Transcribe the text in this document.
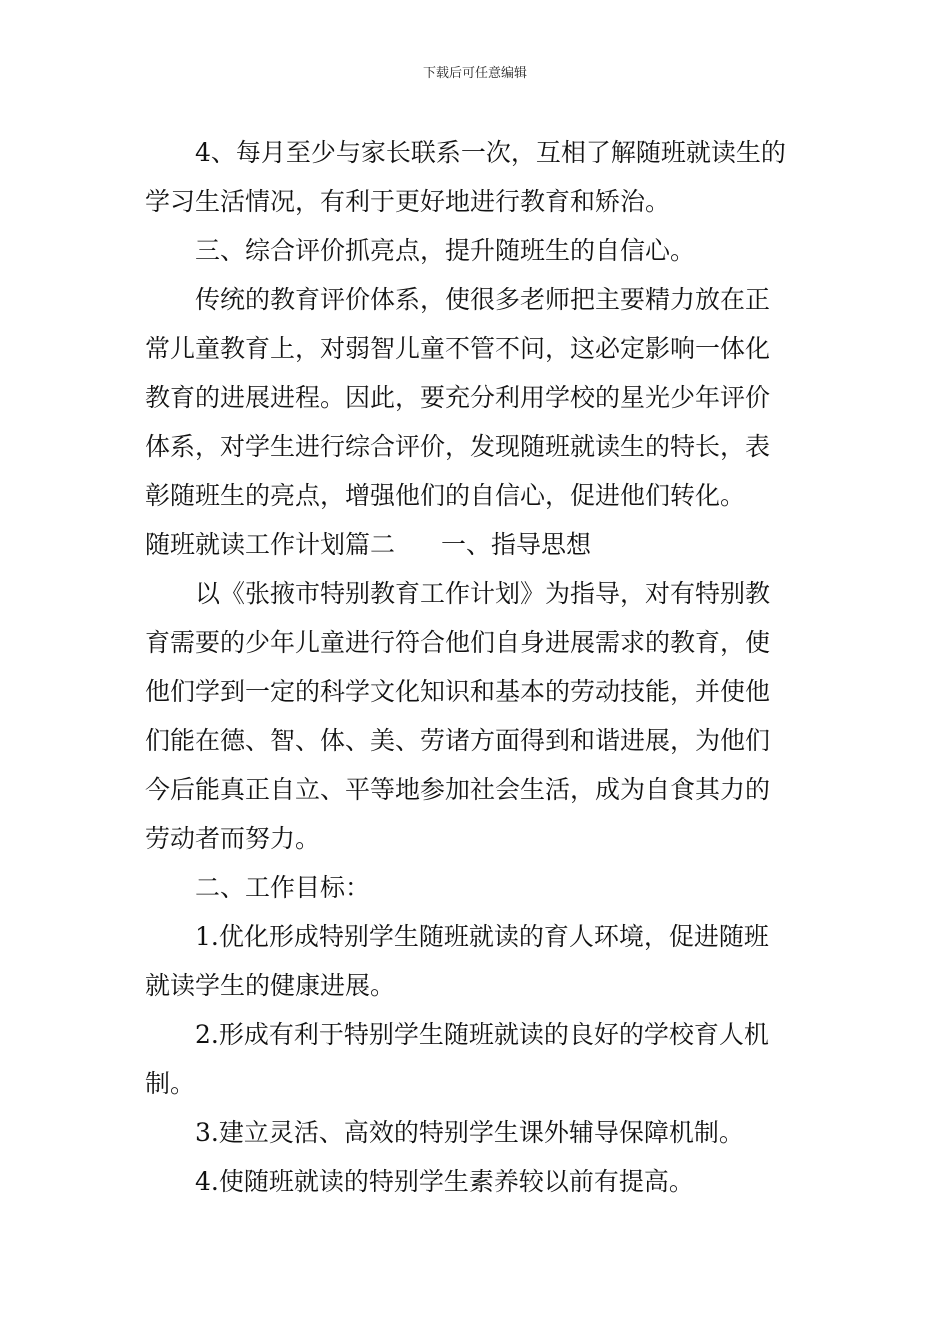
下载后可任意编辑
4、每月至少与家长联系一次，互相了解随班就读生的
学习生活情况，有利于更好地进行教育和矫治。
三、综合评价抓亮点，提升随班生的自信心。
传统的教育评价体系，使很多老师把主要精力放在正
常儿童教育上，对弱智儿童不管不问，这必定影响一体化
教育的进展进程。因此，要充分利用学校的星光少年评价
体系，对学生进行综合评价，发现随班就读生的特长，表
彰随班生的亮点，增强他们的自信心，促进他们转化。
随班就读工作计划篇二 一、指导思想
以《张掖市特别教育工作计划》为指导，对有特别教
育需要的少年儿童进行符合他们自身进展需求的教育，使
他们学到一定的科学文化知识和基本的劳动技能，并使他
们能在德、智、体、美、劳诸方面得到和谐进展，为他们
今后能真正自立、平等地参加社会生活，成为自食其力的
劳动者而努力。
二、工作目标：
1.优化形成特别学生随班就读的育人环境，促进随班
就读学生的健康进展。
2.形成有利于特别学生随班就读的良好的学校育人机
制。
3.建立灵活、高效的特别学生课外辅导保障机制。
4.使随班就读的特别学生素养较以前有提高。
